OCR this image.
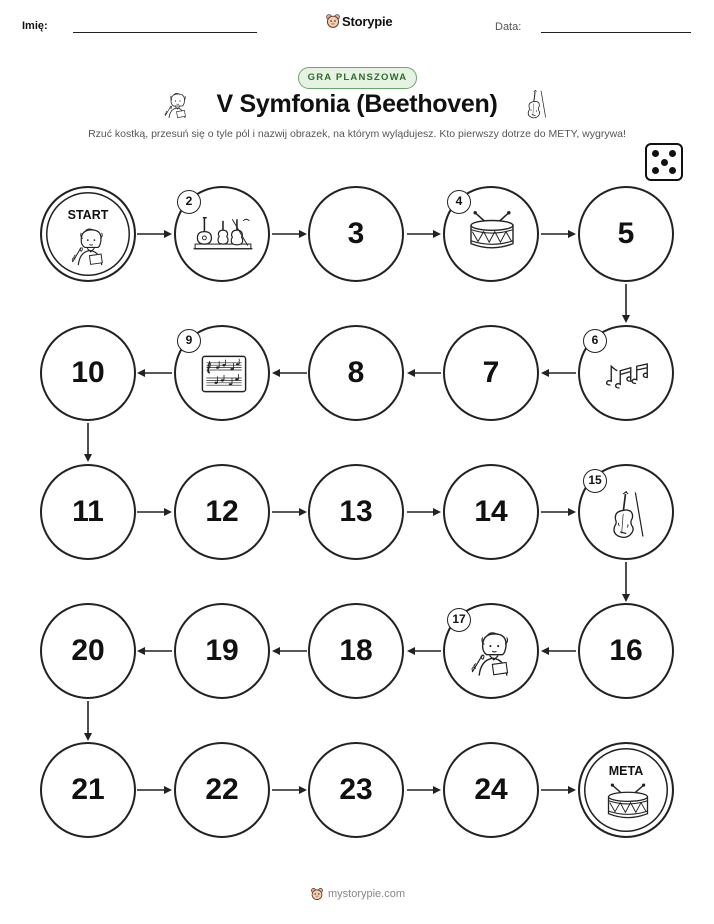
Imię:	Storypie	Data:
GRA PLANSZOWA
V Symfonia (Beethoven)
Rzuć kostką, przesuń się o tyle pól i nazwij obrazek, na którym wylądujesz. Kto pierwszy dotrze do METY, wygrywa!
START
2
3
4
5
10
9
8	7
6
11	12	13	14
15
20	19	18
17
16
21	22	23	24
META
mystorypie.com
